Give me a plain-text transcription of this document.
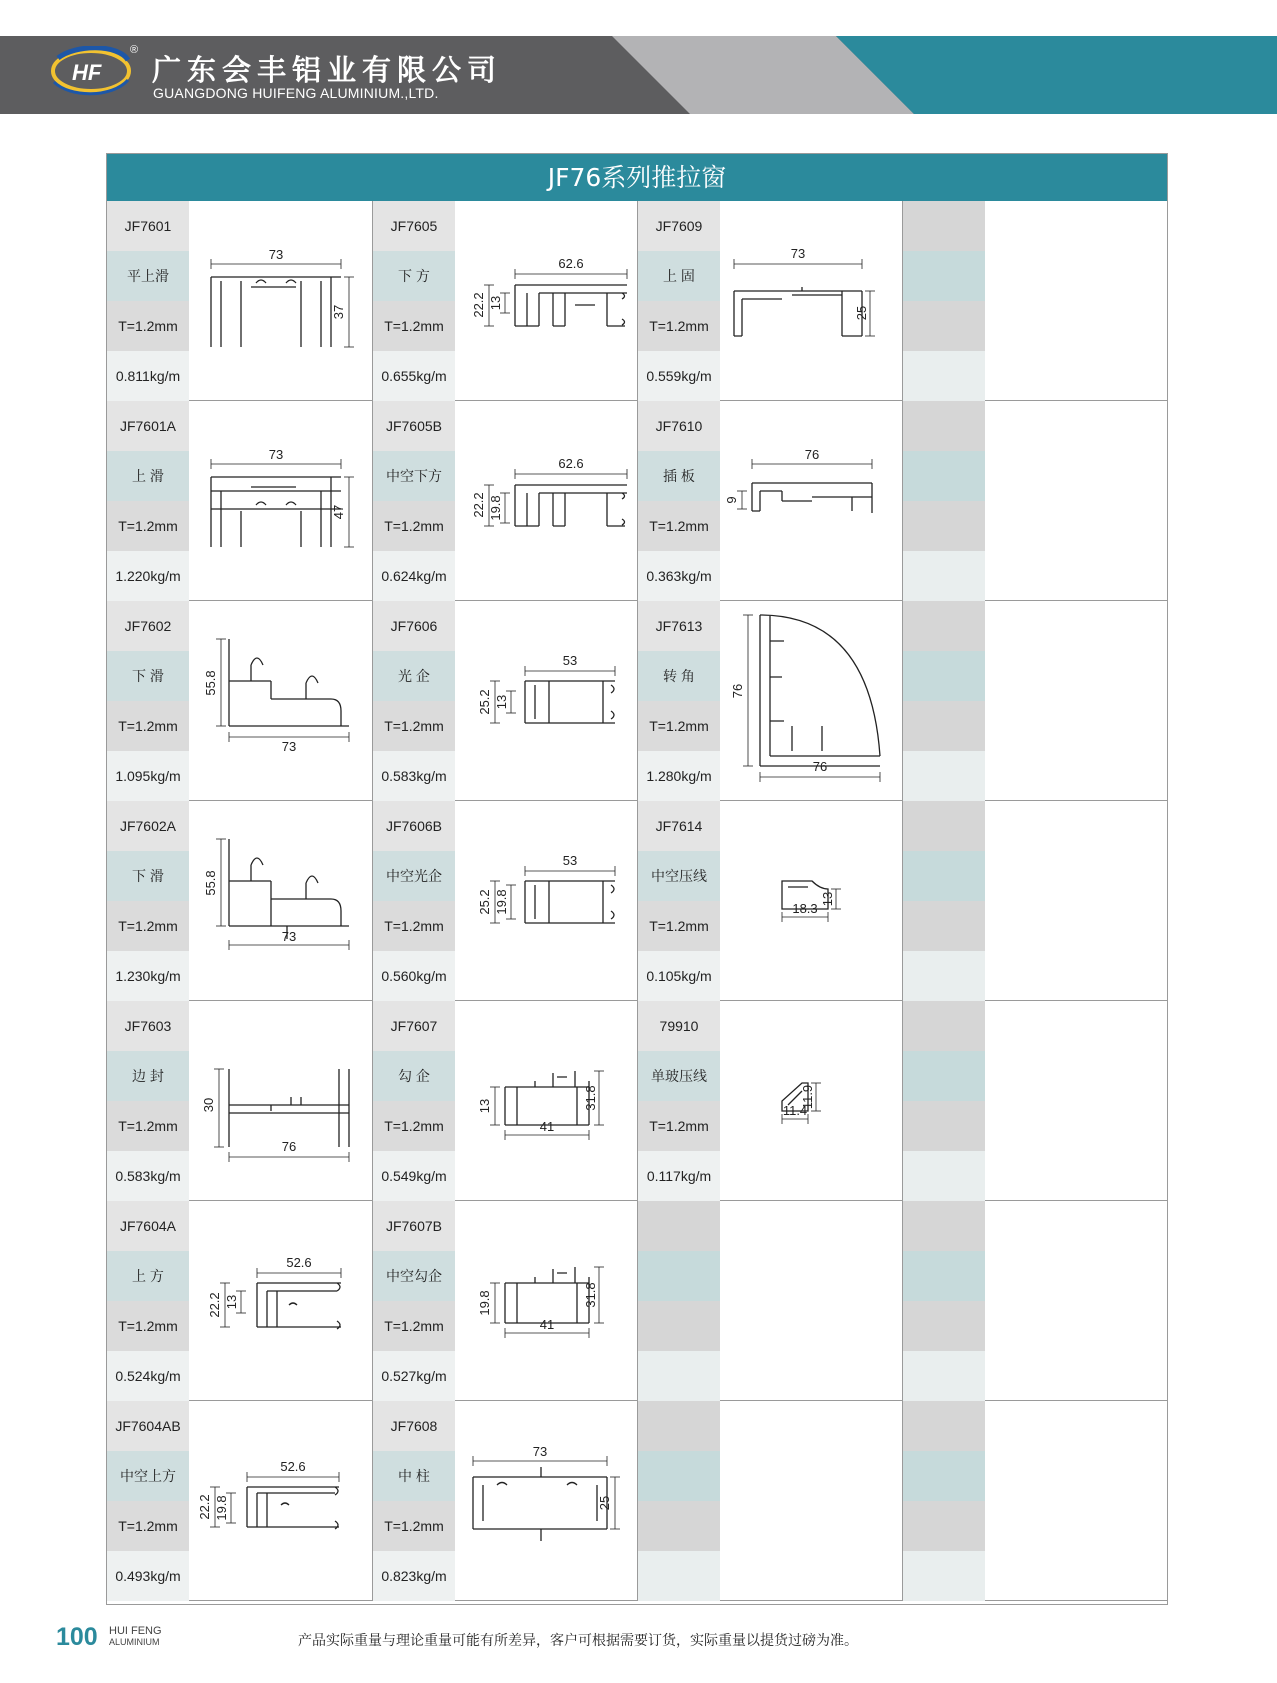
HF
®
广东会丰铝业有限公司
GUANGDONG HUIFENG ALUMINIUM.,LTD.
JF76系列推拉窗
JF7601
平上滑
T=1.2mm
0.811kg/m
73
37
JF7605
下 方
T=1.2mm
0.655kg/m
62.6
22.2 13
JF7609
上 固
T=1.2mm
0.559kg/m
73
25
JF7601A
上 滑
T=1.2mm
1.220kg/m
73
47
JF7605B
中空下方
T=1.2mm
0.624kg/m
62.6
22.2 19.8
JF7610
插 板
T=1.2mm
0.363kg/m
76
9
JF7602
下 滑
T=1.2mm
1.095kg/m
55.8
73
JF7606
光 企
T=1.2mm
0.583kg/m
53
25.2 13
JF7613
转 角
T=1.2mm
1.280kg/m
76
76
JF7602A
下 滑
T=1.2mm
1.230kg/m
55.8
73
JF7606B
中空光企
T=1.2mm
0.560kg/m
53
25.2 19.8
JF7614
中空压线
T=1.2mm
0.105kg/m
13
18.3
JF7603
边 封
T=1.2mm
0.583kg/m
30
76
JF7607
勾 企
T=1.2mm
0.549kg/m
13	31.8
41
79910
单玻压线
T=1.2mm
0.117kg/m
11.9
11.4
JF7604A
上 方
T=1.2mm
0.524kg/m
52.6
22.2 13
JF7607B
中空勾企
T=1.2mm
0.527kg/m
19.8	31.8
41
JF7604AB
中空上方
T=1.2mm
0.493kg/m
52.6
22.2 19.8
JF7608
中 柱
T=1.2mm
0.823kg/m
73
25
100 HUI FENG
ALUMINIUM	产品实际重量与理论重量可能有所差异，客户可根据需要订货，实际重量以提货过磅为准。
